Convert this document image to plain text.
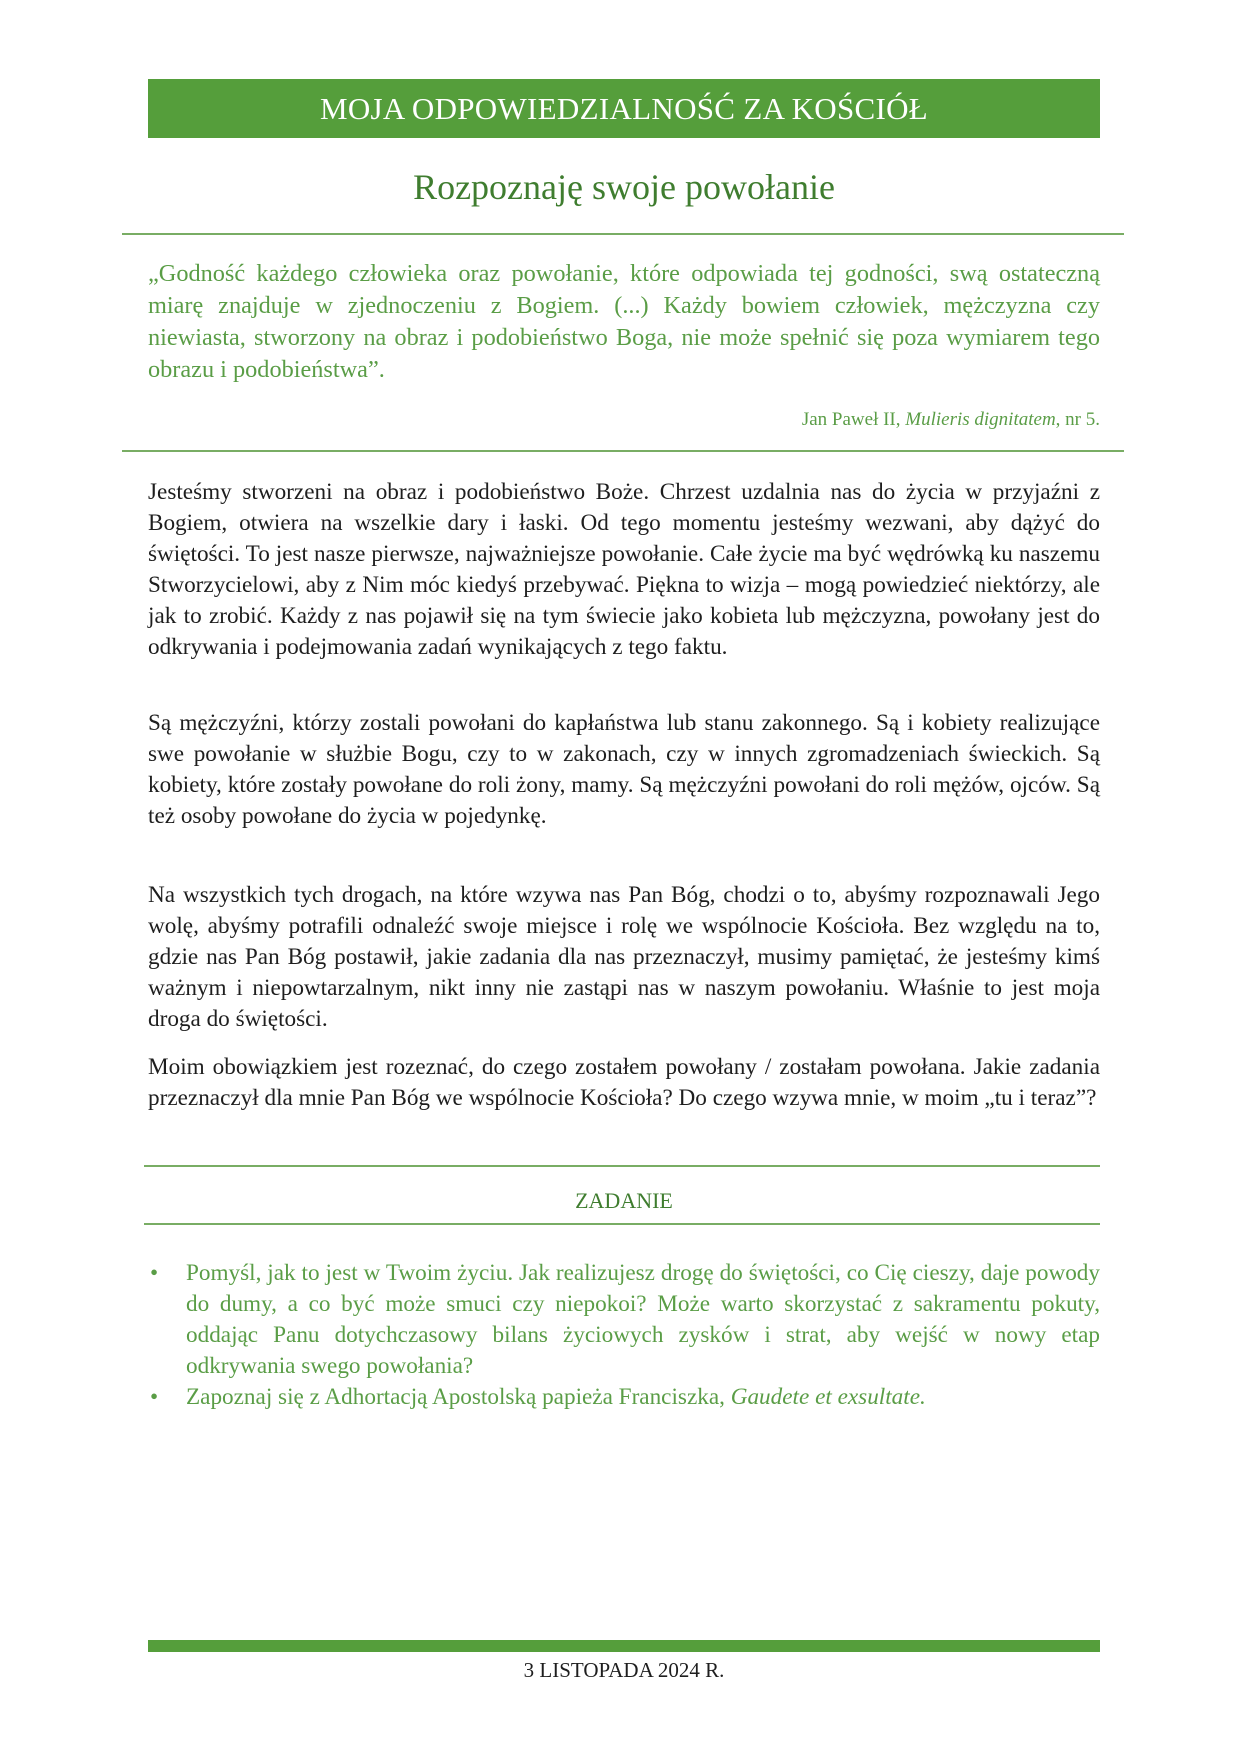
MOJA ODPOWIEDZIALNOŚĆ ZA KOŚCIÓŁ
Rozpoznaję swoje powołanie
„Godność każdego człowieka oraz powołanie, które odpowiada tej godności, swą ostateczną miarę znajduje w zjednoczeniu z Bogiem. (...) Każdy bowiem człowiek, mężczyzna czy niewiasta, stworzony na obraz i podobieństwo Boga, nie może spełnić się poza wymiarem tego obrazu i podobieństwa”.
Jan Paweł II, Mulieris dignitatem, nr 5.

Jesteśmy stworzeni na obraz i podobieństwo Boże. Chrzest uzdalnia nas do życia w przyjaźni z Bogiem, otwiera na wszelkie dary i łaski. Od tego momentu jesteśmy wezwani, aby dążyć do świętości. To jest nasze pierwsze, najważniejsze powołanie. Całe życie ma być wędrówką ku naszemu Stworzycielowi, aby z Nim móc kiedyś przebywać. Piękna to wizja – mogą powiedzieć niektórzy, ale jak to zrobić. Każdy z nas pojawił się na tym świecie jako kobieta lub mężczyzna, powołany jest do odkrywania i podejmowania zadań wynikających z tego faktu.

Są mężczyźni, którzy zostali powołani do kapłaństwa lub stanu zakonnego. Są i kobiety realizujące swe powołanie w służbie Bogu, czy to w zakonach, czy w innych zgromadzeniach świeckich. Są kobiety, które zostały powołane do roli żony, mamy. Są mężczyźni powołani do roli mężów, ojców. Są też osoby powołane do życia w pojedynkę.

Na wszystkich tych drogach, na które wzywa nas Pan Bóg, chodzi o to, abyśmy rozpoznawali Jego wolę, abyśmy potrafili odnaleźć swoje miejsce i rolę we wspólnocie Kościoła. Bez względu na to, gdzie nas Pan Bóg postawił, jakie zadania dla nas przeznaczył, musimy pamiętać, że jesteśmy kimś ważnym i niepowtarzalnym, nikt inny nie zastąpi nas w naszym powołaniu. Właśnie to jest moja droga do świętości.

Moim obowiązkiem jest rozeznać, do czego zostałem powołany / zostałam powołana. Jakie zadania przeznaczył dla mnie Pan Bóg we wspólnocie Kościoła? Do czego wzywa mnie, w moim „tu i teraz”?

ZADANIE
• Pomyśl, jak to jest w Twoim życiu. Jak realizujesz drogę do świętości, co Cię cieszy, daje powody do dumy, a co być może smuci czy niepokoi? Może warto skorzystać z sakramentu pokuty, oddając Panu dotychczasowy bilans życiowych zysków i strat, aby wejść w nowy etap odkrywania swego powołania?
• Zapoznaj się z Adhortacją Apostolską papieża Franciszka, Gaudete et exsultate.
3 LISTOPADA 2024 R.
